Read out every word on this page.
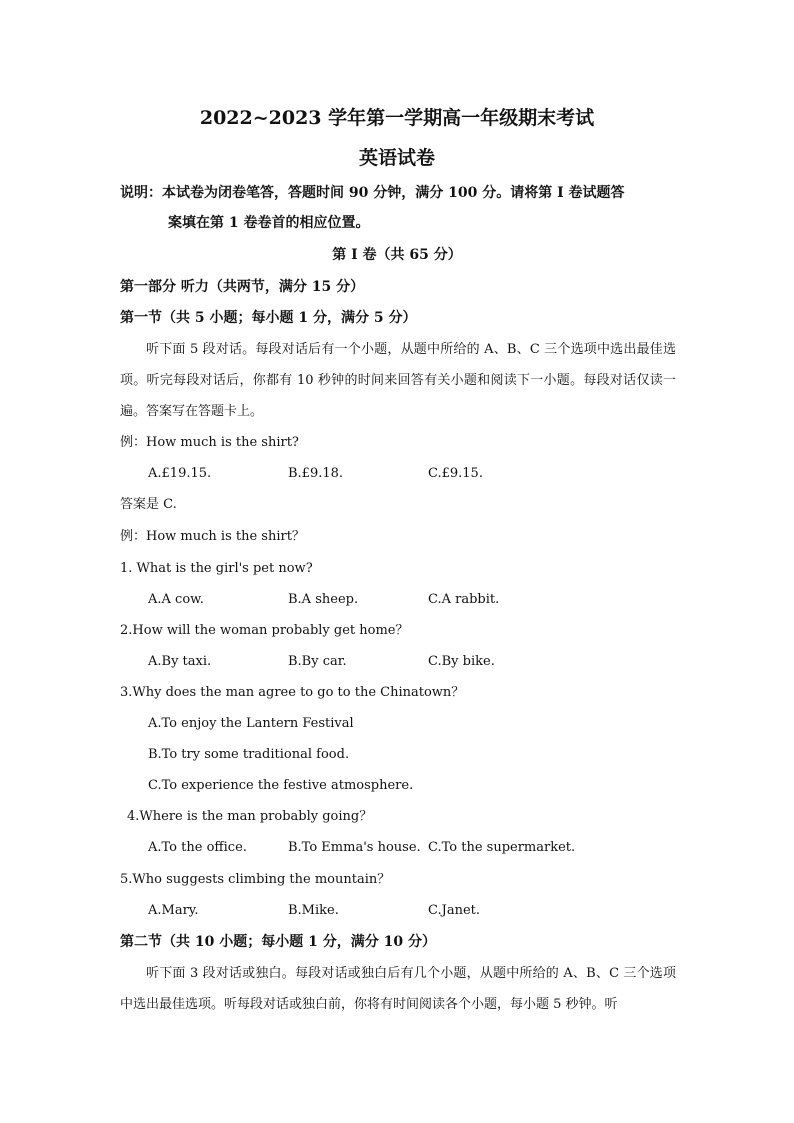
2022~2023 学年第一学期高一年级期末考试
英语试卷
说明：本试卷为闭卷笔答，答题时间 90 分钟，满分 100 分。请将第 I 卷试题答
案填在第 1 卷卷首的相应位置。
第 I 卷（共 65 分）
第一部分 听力（共两节，满分 15 分）
第一节（共 5 小题；每小题 1 分，满分 5 分）
听下面 5 段对话。每段对话后有一个小题，从题中所给的 A、B、C 三个选项中选出最佳选项。听完每段对话后，你都有 10 秒钟的时间来回答有关小题和阅读下一小题。每段对话仅读一遍。答案写在答题卡上。
例：How much is the shirt?
A.£19.15.	B.£9.18.	C.£9.15.
答案是 C.
例：How much is the shirt？
1. What is the girl's pet now?
A.A cow.	B.A sheep.	C.A rabbit.
2.How will the woman probably get home？
A.By taxi.	B.By car.	C.By bike.
3.Why does the man agree to go to the Chinatown？
A.To enjoy the Lantern Festival
B.To try some traditional food.
C.To experience the festive atmosphere.
4.Where is the man probably going？
A.To the office.	B.To Emma's house. C.To the supermarket.
5.Who suggests climbing the mountain？
A.Mary.	B.Mike.	C.Janet.
第二节（共 10 小题；每小题 1 分，满分 10 分）
听下面 3 段对话或独白。每段对话或独白后有几个小题，从题中所给的 A、B、C 三个选项中选出最佳选项。听每段对话或独白前，你将有时间阅读各个小题，每小题 5 秒钟。听
